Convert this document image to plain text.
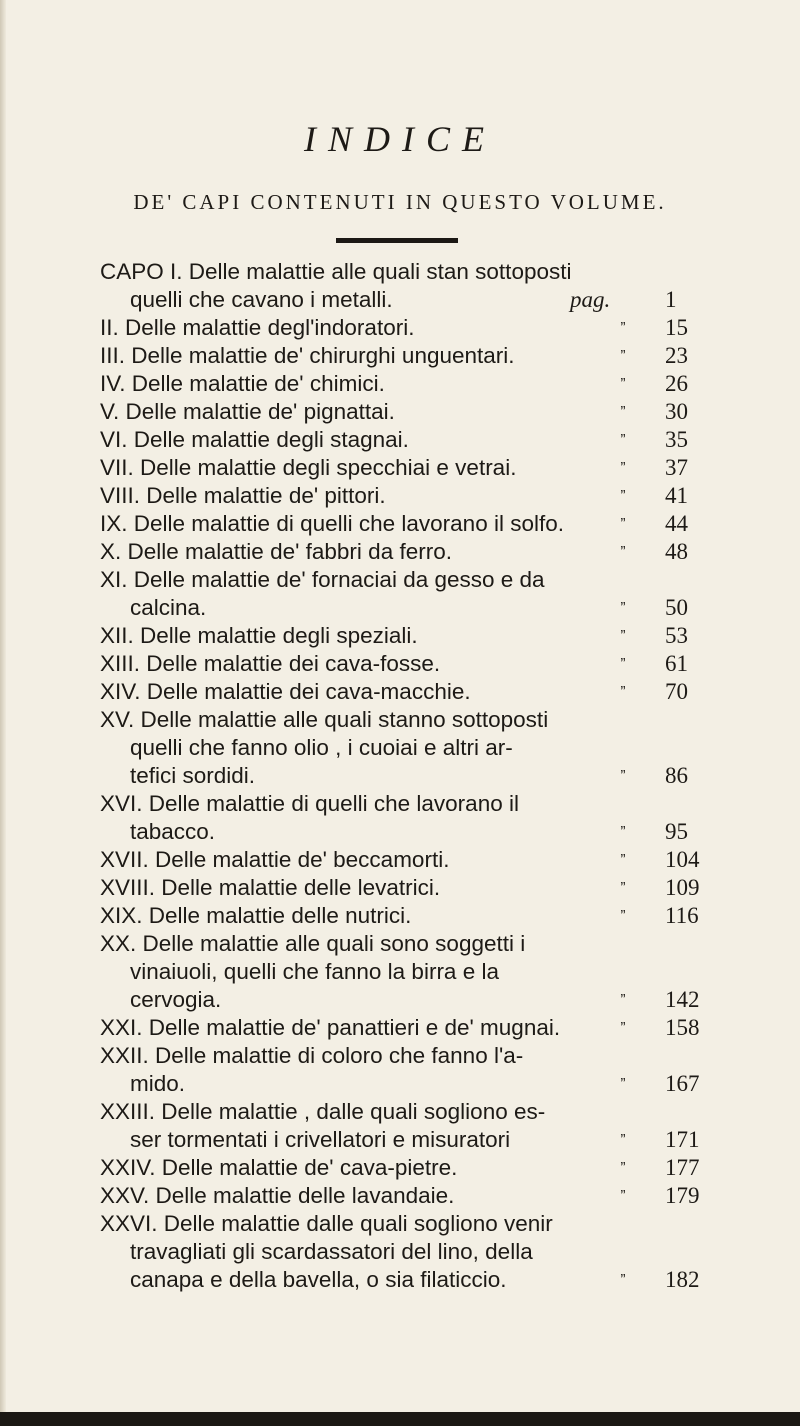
INDICE
DE' CAPI CONTENUTI IN QUESTO VOLUME.
CAPO I. Delle malattie alle quali stan sottoposti
quelli che cavano i metalli.	pag. 1
II. Delle malattie degl'indoratori.	”	15
III. Delle malattie de' chirurghi unguentari.	”	23
IV. Delle malattie de' chimici.	”	26
V. Delle malattie de' pignattai.	”	30
VI. Delle malattie degli stagnai.	”	35
VII. Delle malattie degli specchiai e vetrai.	”	37
VIII. Delle malattie de' pittori.	”	41
IX. Delle malattie di quelli che lavorano il solfo.	”	44
X. Delle malattie de' fabbri da ferro.	”	48
XI. Delle malattie de' fornaciai da gesso e da
calcina.	”	50
XII. Delle malattie degli speziali.	”	53
XIII. Delle malattie dei cava-fosse.	”	61
XIV. Delle malattie dei cava-macchie.	”	70
XV. Delle malattie alle quali stanno sottoposti
quelli che fanno olio , i cuoiai e altri ar-
tefici sordidi.	”	86
XVI. Delle malattie di quelli che lavorano il
tabacco.	”	95
XVII. Delle malattie de' beccamorti.	”	104
XVIII. Delle malattie delle levatrici.	”	109
XIX. Delle malattie delle nutrici.	”	116
XX. Delle malattie alle quali sono soggetti i
vinaiuoli, quelli che fanno la birra e la
cervogia.	”	142
XXI. Delle malattie de' panattieri e de' mugnai.	”	158
XXII. Delle malattie di coloro che fanno l'a-
mido.	”	167
XXIII. Delle malattie , dalle quali sogliono es-
ser tormentati i crivellatori e misuratori	”	171
XXIV. Delle malattie de' cava-pietre.	”	177
XXV. Delle malattie delle lavandaie.	”	179
XXVI. Delle malattie dalle quali sogliono venir
travagliati gli scardassatori del lino, della
canapa e della bavella, o sia filaticcio.	”	182
